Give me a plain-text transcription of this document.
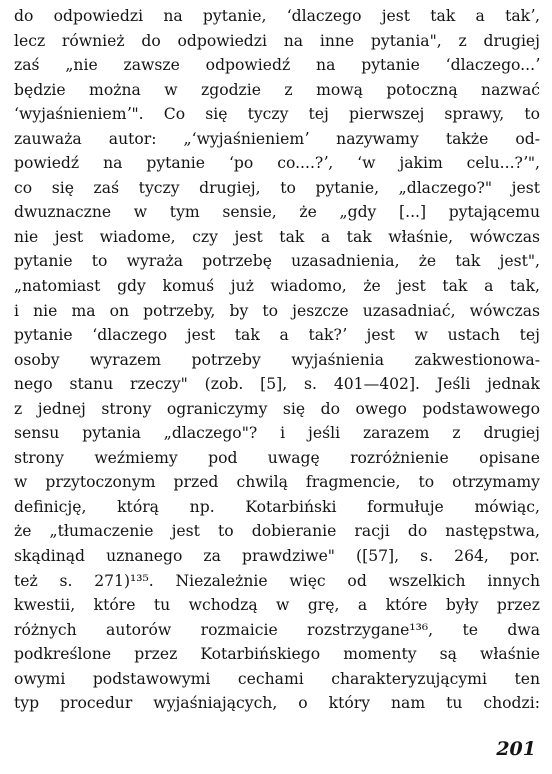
do odpowiedzi na pytanie, ʻdlaczego jest tak a takʼ,
lecz również do odpowiedzi na inne pytania", z drugiej
zaś „nie zawsze odpowiedź na pytanie ʻdlaczego...ʼ
będzie można w zgodzie z mową potoczną nazwać
ʻwyjaśnieniemʼ". Co się tyczy tej pierwszej sprawy, to
zauważa autor: „ʻwyjaśnieniemʼ nazywamy także od-
powiedź na pytanie ʻpo co....?ʼ, ʻw jakim celu...?ʼ",
co się zaś tyczy drugiej, to pytanie, „dlaczego?" jest
dwuznaczne w tym sensie, że „gdy [...] pytającemu
nie jest wiadome, czy jest tak a tak właśnie, wówczas
pytanie to wyraża potrzebę uzasadnienia, że tak jest",
„natomiast gdy komuś już wiadomo, że jest tak a tak,
i nie ma on potrzeby, by to jeszcze uzasadniać, wówczas
pytanie ʻdlaczego jest tak a tak?ʼ jest w ustach tej
osoby wyrazem potrzeby wyjaśnienia zakwestionowa-
nego stanu rzeczy" (zob. [5], s. 401—402]. Jeśli jednak
z jednej strony ograniczymy się do owego podstawowego
sensu pytania „dlaczego"? i jeśli zarazem z drugiej
strony weźmiemy pod uwagę rozróżnienie opisane
w przytoczonym przed chwilą fragmencie, to otrzymamy
definicję, którą np. Kotarbiński formułuje mówiąc,
że „tłumaczenie jest to dobieranie racji do następstwa,
skądinąd uznanego za prawdziwe" ([57], s. 264, por.
też s. 271)¹³⁵. Niezależnie więc od wszelkich innych
kwestii, które tu wchodzą w grę, a które były przez
różnych autorów rozmaicie rozstrzygane¹³⁶, te dwa
podkreślone przez Kotarbińskiego momenty są właśnie
owymi podstawowymi cechami charakteryzującymi ten
typ procedur wyjaśniających, o który nam tu chodzi:
201
